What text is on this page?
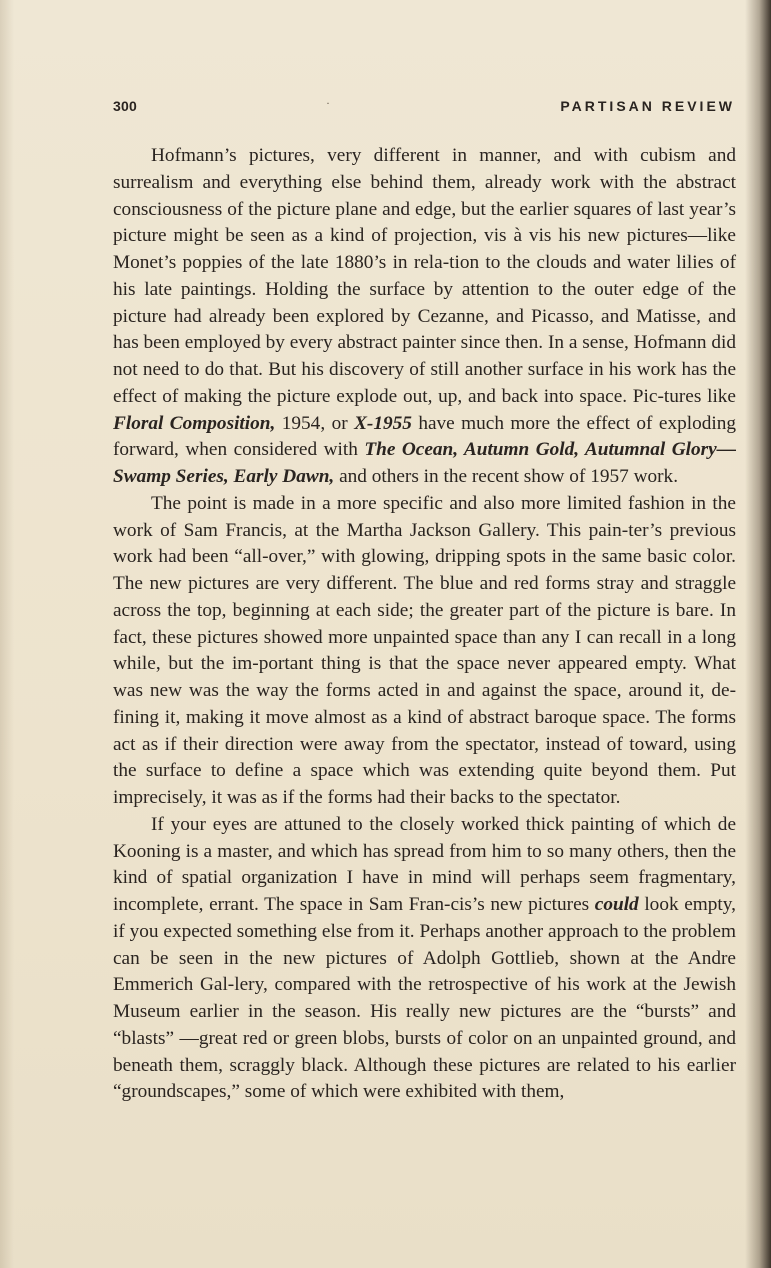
300	·	PARTISAN REVIEW

Hofmann’s pictures, very different in manner, and with cubism and surrealism and everything else behind them, already work with the abstract consciousness of the picture plane and edge, but the earlier squares of last year’s picture might be seen as a kind of projection, vis à vis his new pictures—like Monet’s poppies of the late 1880’s in rela-tion to the clouds and water lilies of his late paintings. Holding the surface by attention to the outer edge of the picture had already been explored by Cezanne, and Picasso, and Matisse, and has been employed by every abstract painter since then. In a sense, Hofmann did not need to do that. But his discovery of still another surface in his work has the effect of making the picture explode out, up, and back into space. Pic-tures like Floral Composition, 1954, or X-1955 have much more the effect of exploding forward, when considered with The Ocean, Autumn Gold, Autumnal Glory—Swamp Series, Early Dawn, and others in the recent show of 1957 work.

The point is made in a more specific and also more limited fashion in the work of Sam Francis, at the Martha Jackson Gallery. This pain-ter’s previous work had been “all-over,” with glowing, dripping spots in the same basic color. The new pictures are very different. The blue and red forms stray and straggle across the top, beginning at each side; the greater part of the picture is bare. In fact, these pictures showed more unpainted space than any I can recall in a long while, but the im-portant thing is that the space never appeared empty. What was new was the way the forms acted in and against the space, around it, de-fining it, making it move almost as a kind of abstract baroque space. The forms act as if their direction were away from the spectator, instead of toward, using the surface to define a space which was extending quite beyond them. Put imprecisely, it was as if the forms had their backs to the spectator.

If your eyes are attuned to the closely worked thick painting of which de Kooning is a master, and which has spread from him to so many others, then the kind of spatial organization I have in mind will perhaps seem fragmentary, incomplete, errant. The space in Sam Fran-cis’s new pictures could look empty, if you expected something else from it. Perhaps another approach to the problem can be seen in the new pictures of Adolph Gottlieb, shown at the Andre Emmerich Gal-lery, compared with the retrospective of his work at the Jewish Museum earlier in the season. His really new pictures are the “bursts” and “blasts” —great red or green blobs, bursts of color on an unpainted ground, and beneath them, scraggly black. Although these pictures are related to his earlier “groundscapes,” some of which were exhibited with them,
